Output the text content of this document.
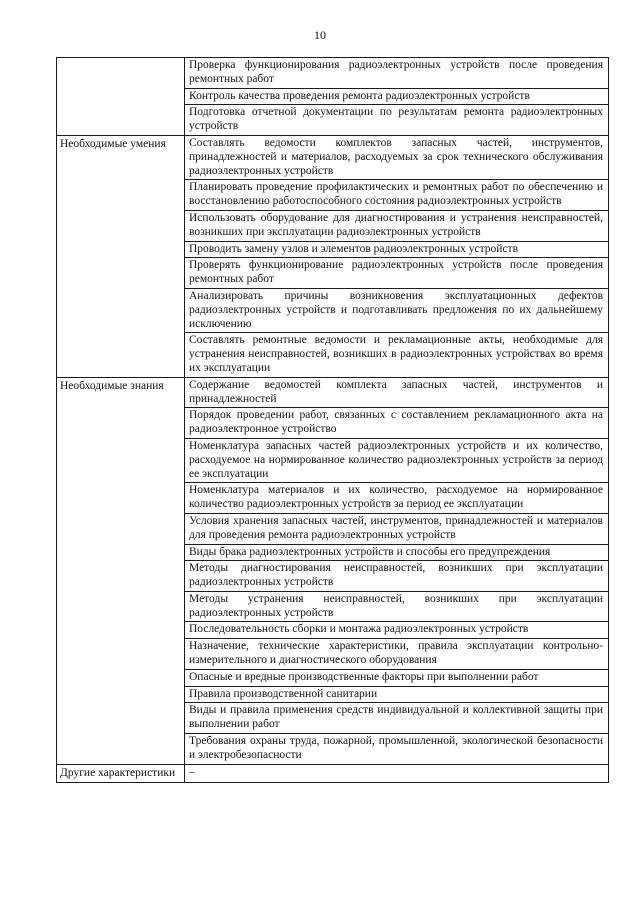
10
	Проверка функционирования радиоэлектронных устройств после проведения ремонтных работ
	Контроль качества проведения ремонта радиоэлектронных устройств
	Подготовка отчетной документации по результатам ремонта радиоэлектронных устройств
Необходимые умения	Составлять ведомости комплектов запасных частей, инструментов, принадлежностей и материалов, расходуемых за срок технического обслуживания радиоэлектронных устройств
	Планировать проведение профилактических и ремонтных работ по обеспечению и восстановлению работоспособного состояния радиоэлектронных устройств
	Использовать оборудование для диагностирования и устранения неисправностей, возникших при эксплуатации радиоэлектронных устройств
	Проводить замену узлов и элементов радиоэлектронных устройств
	Проверять функционирование радиоэлектронных устройств после проведения ремонтных работ
	Анализировать причины возникновения эксплуатационных дефектов радиоэлектронных устройств и подготавливать предложения по их дальнейшему исключению
	Составлять ремонтные ведомости и рекламационные акты, необходимые для устранения неисправностей, возникших в радиоэлектронных устройствах во время их эксплуатации
Необходимые знания	Содержание ведомостей комплекта запасных частей, инструментов и принадлежностей
	Порядок проведении работ, связанных с составлением рекламационного акта на радиоэлектронное устройство
	Номенклатура запасных частей радиоэлектронных устройств и их количество, расходуемое на нормированное количество радиоэлектронных устройств за период ее эксплуатации
	Номенклатура материалов и их количество, расходуемое на нормированное количество радиоэлектронных устройств за период ее эксплуатации
	Условия хранения запасных частей, инструментов, принадлежностей и материалов для проведения ремонта радиоэлектронных устройств
	Виды брака радиоэлектронных устройств и способы его предупреждения
	Методы диагностирования неисправностей, возникших при эксплуатации радиоэлектронных устройств
	Методы устранения неисправностей, возникших при эксплуатации радиоэлектронных устройств
	Последовательность сборки и монтажа радиоэлектронных устройств
	Назначение, технические характеристики, правила эксплуатации контрольно-измерительного и диагностического оборудования
	Опасные и вредные производственные факторы при выполнении работ
	Правила производственной санитарии
	Виды и правила применения средств индивидуальной и коллективной защиты при выполнении работ
	Требования охраны труда, пожарной, промышленной, экологической безопасности и электробезопасности
Другие характеристики	–
